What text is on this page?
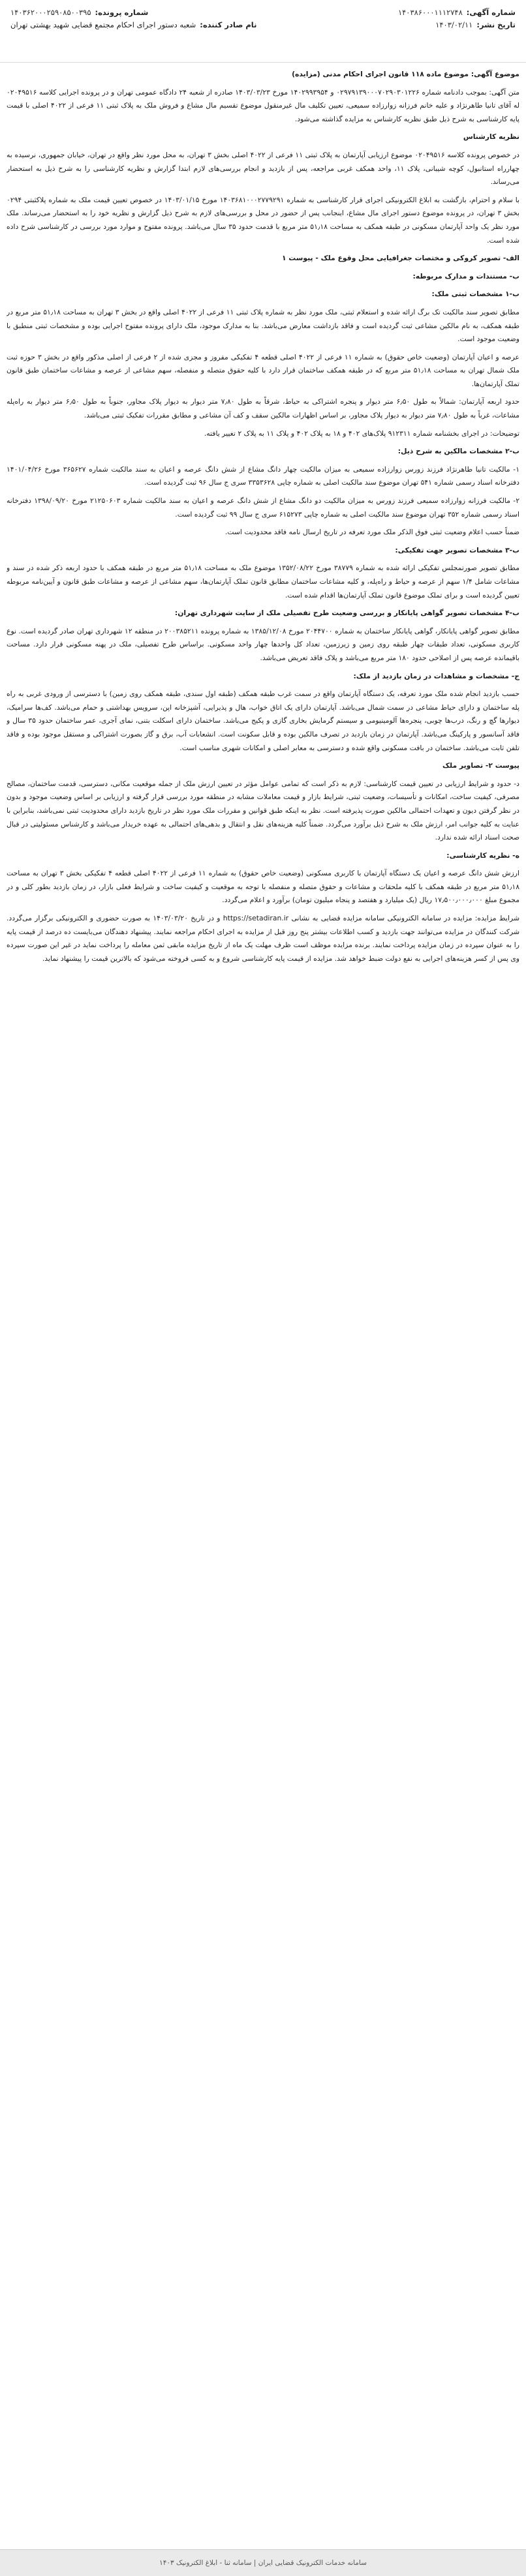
شماره آگهی:
۱۴۰۳۸۶۰۰۰۱۱۱۲۷۴۸
شماره پرونده:
۱۴۰۳۶۲۰۰۰۲۵۹۰۸۵۰۰۳۹۵
تاریخ نشر:
۱۴۰۳/۰۲/۱۱
نام صادر کننده:
شعبه دستور اجرای احکام مجتمع قضایی شهید بهشتی تهران

موضوع آگهی: موضوع ماده ۱۱۸ قانون اجرای احکام مدنی (مزایده)

متن آگهی: بموجب دادنامه شماره ۰۲۹۷۹۱۳۹۰۰۰۷۰۲۹۰۳۰۱۲۲۶ و ۱۴۰۲۹۹۳۹۵۴ مورخ ۱۴۰۳/۰۳/۲۳ صادره از شعبه ۲۴ دادگاه عمومی تهران و در پرونده اجرایی کلاسه ۰۲۰۴۹۵۱۶ له آقای تانیا طاهرنژاد و علیه خانم فرزانه زوارزاده سمیعی، تعیین تکلیف مال غیرمنقول موضوع تقسیم مال مشاع و فروش ملک به پلاک ثبتی ۱۱ فرعی از ۴۰۲۲ اصلی با قیمت پایه کارشناسی به شرح ذیل طبق نظریه کارشناس به مزایده گذاشته می‌شود.

نظریه کارشناس

در خصوص پرونده کلاسه ۰۲۰۴۹۵۱۶ موضوع ارزیابی آپارتمان به پلاک ثبتی ۱۱ فرعی از ۴۰۲۲ اصلی بخش ۳ تهران، به محل مورد نظر واقع در تهران، خیابان جمهوری، نرسیده به چهارراه استانبول، کوچه شیبانی، پلاک ۱۱، واحد همکف غربی مراجعه، پس از بازدید و انجام بررسی‌های لازم ابتدا گزارش و نظریه کارشناسی را به شرح ذیل به استحضار می‌رساند.

با سلام و احترام، بازگشت به ابلاغ الکترونیکی اجرای قرار کارشناسی به شماره ۱۴۰۳۶۸۱۰۰۰۲۷۷۹۲۹۱ مورخ ۱۴۰۳/۰۱/۱۵ در خصوص تعیین قیمت ملک به شماره پلاکثبتی ۰۲۹۴ بخش ۳ تهران، در پرونده موضوع دستور اجرای مال مشاع، اینجانب پس از حضور در محل و بررسی‌های لازم به شرح ذیل گزارش و نظریه خود را به استحضار می‌رساند. ملک مورد نظر یک واحد آپارتمان مسکونی در طبقه همکف به مساحت ۵۱٫۱۸ متر مربع با قدمت حدود ۳۵ سال می‌باشد. پرونده مفتوح و موارد مورد بررسی در کارشناسی شرح داده شده است.

الف- تصویر کروکی و مختصات جغرافیایی محل وقوع ملک - پیوست ۱

ب- مستندات و مدارک مربوطه:

ب-۱ مشخصات ثبتی ملک:

مطابق تصویر سند مالکیت تک برگ ارائه شده و استعلام ثبتی، ملک مورد نظر به شماره پلاک ثبتی ۱۱ فرعی از ۴۰۲۲ اصلی واقع در بخش ۳ تهران به مساحت ۵۱٫۱۸ متر مربع در طبقه همکف، به نام مالکین مشاعی ثبت گردیده است و فاقد بازداشت معارض می‌باشد. بنا به مدارک موجود، ملک دارای پرونده مفتوح اجرایی بوده و مشخصات ثبتی منطبق با وضعیت موجود است.

عرصه و اعیان آپارتمان (وضعیت خاص حقوق) به شماره ۱۱ فرعی از ۴۰۲۲ اصلی قطعه ۴ تفکیکی مفروز و مجزی شده از ۲ فرعی از اصلی مذکور واقع در بخش ۳ حوزه ثبت ملک شمال تهران به مساحت ۵۱٫۱۸ متر مربع که در طبقه همکف ساختمان قرار دارد با کلیه حقوق متصله و منفصله، سهم مشاعی از عرصه و مشاعات ساختمان طبق قانون تملک آپارتمان‌ها.

حدود اربعه آپارتمان: شمالاً به طول ۶٫۵۰ متر دیوار و پنجره اشتراکی به حیاط، شرقاً به طول ۷٫۸۰ متر دیوار به دیوار پلاک مجاور، جنوباً به طول ۶٫۵۰ متر دیوار به راه‌پله مشاعات، غرباً به طول ۷٫۸۰ متر دیوار به دیوار پلاک مجاور، بر اساس اظهارات مالکین سقف و کف آن مشاعی و مطابق مقررات تفکیک ثبتی می‌باشد.

توضیحات: در اجرای بخشنامه شماره ۹۱۲۳۱۱ پلاک‌های ۴۰۲ و ۱۸ به پلاک ۴۰۲ و پلاک ۱۱ به پلاک ۲ تغییر یافته.

ب-۲ مشخصات مالکین به شرح ذیل:

۱- مالکیت تانیا طاهرنژاد فرزند زورس زوارزاده سمیعی به میزان مالکیت چهار دانگ مشاع از شش دانگ عرصه و اعیان به سند مالکیت شماره ۳۶۵۶۲۷ مورخ ۱۴۰۱/۰۴/۲۶ دفترخانه اسناد رسمی شماره ۵۴۱ تهران موضوع سند مالکیت اصلی به شماره چاپی ۳۳۵۳۶۲۸ سری ج سال ۹۶ ثبت گردیده است.

۲- مالکیت فرزانه زوارزاده سمیعی فرزند زورس به میزان مالکیت دو دانگ مشاع از شش دانگ عرصه و اعیان به سند مالکیت شماره ۲۱۲۵۰۶۰۳ مورخ ۱۳۹۸/۰۹/۲۰ دفترخانه اسناد رسمی شماره ۳۵۲ تهران موضوع سند مالکیت اصلی به شماره چاپی ۶۱۵۲۷۳ سری ج سال ۹۹ ثبت گردیده است.

ضمناً حسب اعلام وضعیت ثبتی فوق الذکر ملک مورد تعرفه در تاریخ ارسال نامه فاقد محدودیت است.

ب-۳ مشخصات تصویر جهت تفکیکی:

مطابق تصویر صورتمجلس تفکیکی ارائه شده به شماره ۳۸۷۷۹ مورخ ۱۳۵۲/۰۸/۲۲ موضوع ملک به مساحت ۵۱٫۱۸ متر مربع در طبقه همکف با حدود اربعه ذکر شده در سند و مشاعات شامل ۱/۴ سهم از عرصه و حیاط و راه‌پله، و کلیه مشاعات ساختمان مطابق قانون تملک آپارتمان‌ها، سهم مشاعی از عرصه و مشاعات طبق قانون و آیین‌نامه مربوطه تعیین گردیده است و برای تملک موضوع قانون تملک آپارتمان‌ها اقدام شده است.

ب-۴ مشخصات تصویر گواهی پایانکار و بررسی وضعیت طرح تفصیلی ملک از سایت شهرداری تهران:

مطابق تصویر گواهی پایانکار، گواهی پایانکار ساختمان به شماره ۲۰۴۴۷۰۰ مورخ ۱۳۸۵/۱۲/۰۸ به شماره پرونده ۲۰۰۳۸۵۲۱۱ در منطقه ۱۲ شهرداری تهران صادر گردیده است. نوع کاربری مسکونی، تعداد طبقات چهار طبقه روی زمین و زیرزمین، تعداد کل واحدها چهار واحد مسکونی. براساس طرح تفصیلی، ملک در پهنه مسکونی قرار دارد. مساحت باقیمانده عرصه پس از اصلاحی حدود ۱۸۰ متر مربع می‌باشد و پلاک فاقد تعریض می‌باشد.

ج- مشخصات و مشاهدات در زمان بازدید از ملک:

حسب بازدید انجام شده ملک مورد تعرفه، یک دستگاه آپارتمان واقع در سمت غرب طبقه همکف (طبقه اول سندی، طبقه همکف روی زمین) با دسترسی از ورودی غربی به راه پله ساختمان و دارای حیاط مشاعی در سمت شمال می‌باشد. آپارتمان دارای یک اتاق خواب، هال و پذیرایی، آشپزخانه اپن، سرویس بهداشتی و حمام می‌باشد. کف‌ها سرامیک، دیوارها گچ و رنگ، درب‌ها چوبی، پنجره‌ها آلومینیومی و سیستم گرمایش بخاری گازی و پکیج می‌باشد. ساختمان دارای اسکلت بتنی، نمای آجری، عمر ساختمان حدود ۳۵ سال و فاقد آسانسور و پارکینگ می‌باشد. آپارتمان در زمان بازدید در تصرف مالکین بوده و قابل سکونت است. انشعابات آب، برق و گاز بصورت اشتراکی و مستقل موجود بوده و فاقد تلفن ثابت می‌باشد. ساختمان در بافت مسکونی واقع شده و دسترسی به معابر اصلی و امکانات شهری مناسب است.

پیوست ۲- تصاویر ملک

د- حدود و شرایط ارزیابی در تعیین قیمت کارشناسی: لازم به ذکر است که تمامی عوامل مؤثر در تعیین ارزش ملک از جمله موقعیت مکانی، دسترسی، قدمت ساختمان، مصالح مصرفی، کیفیت ساخت، امکانات و تأسیسات، وضعیت ثبتی، شرایط بازار و قیمت معاملات مشابه در منطقه مورد بررسی قرار گرفته و ارزیابی بر اساس وضعیت موجود و بدون در نظر گرفتن دیون و تعهدات احتمالی مالکین صورت پذیرفته است. نظر به اینکه طبق قوانین و مقررات ملک مورد نظر در تاریخ بازدید دارای محدودیت ثبتی نمی‌باشد، بنابراین با عنایت به کلیه جوانب امر، ارزش ملک به شرح ذیل برآورد می‌گردد. ضمناً کلیه هزینه‌های نقل و انتقال و بدهی‌های احتمالی به عهده خریدار می‌باشد و کارشناس مسئولیتی در قبال صحت اسناد ارائه شده ندارد.

ه- نظریه کارشناسی:

ارزش شش دانگ عرصه و اعیان یک دستگاه آپارتمان با کاربری مسکونی (وضعیت خاص حقوق) به شماره ۱۱ فرعی از ۴۰۲۲ اصلی قطعه ۴ تفکیکی بخش ۳ تهران به مساحت ۵۱٫۱۸ متر مربع در طبقه همکف با کلیه ملحقات و مشاعات و حقوق متصله و منفصله با توجه به موقعیت و کیفیت ساخت و شرایط فعلی بازار، در زمان بازدید بطور کلی و در مجموع مبلغ ۱۷٫۵۰۰٫۰۰۰٫۰۰۰ ریال (یک میلیارد و هفتصد و پنجاه میلیون تومان) برآورد و اعلام می‌گردد.

شرایط مزایده: مزایده در سامانه الکترونیکی سامانه مزایده قضایی به نشانی https://setadiran.ir و در تاریخ ۱۴۰۳/۰۳/۲۰ به صورت حضوری و الکترونیکی برگزار می‌گردد. شرکت کنندگان در مزایده می‌توانند جهت بازدید و کسب اطلاعات بیشتر پنج روز قبل از مزایده به اجرای احکام مراجعه نمایند. پیشنهاد دهندگان می‌بایست ده درصد از قیمت پایه را به عنوان سپرده در زمان مزایده پرداخت نمایند. برنده مزایده موظف است ظرف مهلت یک ماه از تاریخ مزایده مابقی ثمن معامله را پرداخت نماید در غیر این صورت سپرده وی پس از کسر هزینه‌های اجرایی به نفع دولت ضبط خواهد شد. مزایده از قیمت پایه کارشناسی شروع و به کسی فروخته می‌شود که بالاترین قیمت را پیشنهاد نماید.

سامانه خدمات الکترونیک قضایی ایران | سامانه ثنا - ابلاغ الکترونیک ۱۴۰۳
